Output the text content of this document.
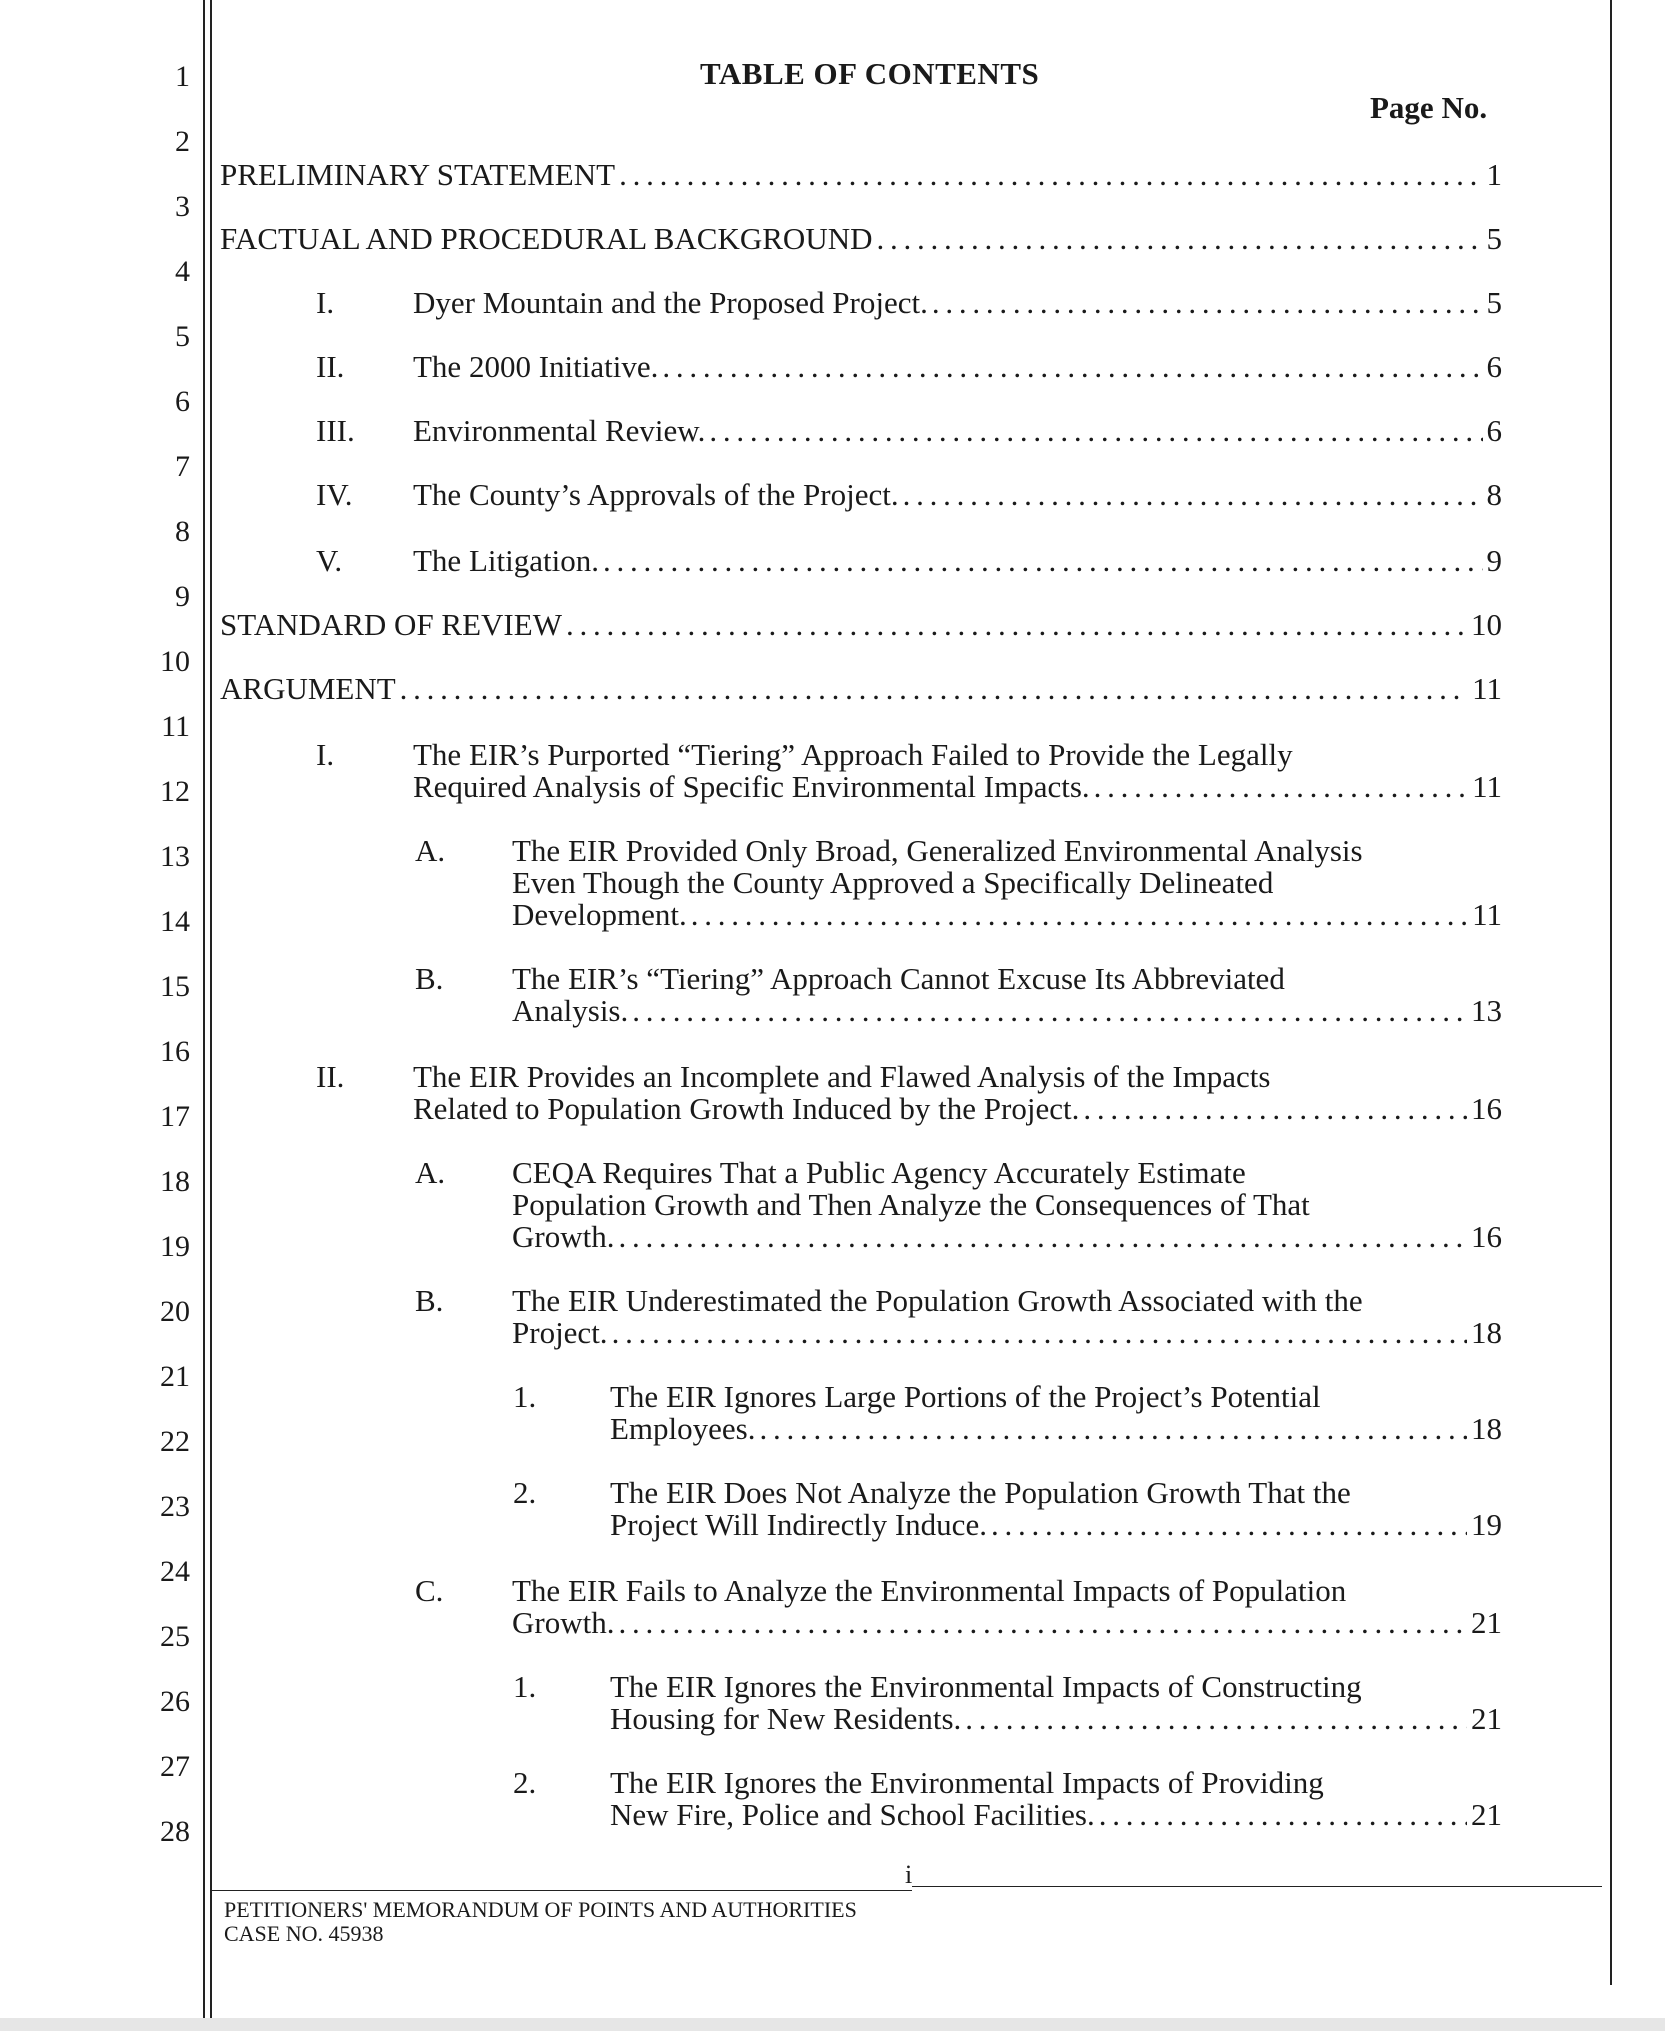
1
2
3
4
5
6
7
8
9
10
11
12
13
14
15
16
17
18
19
20
21
22
23
24
25
26
27
28
TABLE OF CONTENTS
Page No.
PRELIMINARY STATEMENT . . .	1
FACTUAL AND PROCEDURAL BACKGROUND . . .	5
I.	Dyer Mountain and the Proposed Project. . . .	5
II. The 2000 Initiative. . . .	6
III. Environmental Review. . . .	6
IV. The County’s Approvals of the Project. . . .	8
V. The Litigation. . . .	9
STANDARD OF REVIEW . . .	10
ARGUMENT . . .	11
I.	The EIR’s Purported “Tiering” Approach Failed to Provide the Legally
Required Analysis of Specific Environmental Impacts. . . .	11
A. The EIR Provided Only Broad, Generalized Environmental Analysis
Even Though the County Approved a Specifically Delineated
Development. . . .	11
B. The EIR’s “Tiering” Approach Cannot Excuse Its Abbreviated
Analysis. . . .	13
II. The EIR Provides an Incomplete and Flawed Analysis of the Impacts
Related to Population Growth Induced by the Project. . . .	16
A. CEQA Requires That a Public Agency Accurately Estimate
Population Growth and Then Analyze the Consequences of That
Growth. . . .	16
B. The EIR Underestimated the Population Growth Associated with the
Project. . . .	18
1. The EIR Ignores Large Portions of the Project’s Potential
Employees. . . .	18
2. The EIR Does Not Analyze the Population Growth That the
Project Will Indirectly Induce. . . .	19
C. The EIR Fails to Analyze the Environmental Impacts of Population
Growth. . . .	21
1. The EIR Ignores the Environmental Impacts of Constructing
Housing for New Residents. . . .	21
2. The EIR Ignores the Environmental Impacts of Providing
New Fire, Police and School Facilities. . . .	21
i
PETITIONERS' MEMORANDUM OF POINTS AND AUTHORITIES
CASE NO. 45938
